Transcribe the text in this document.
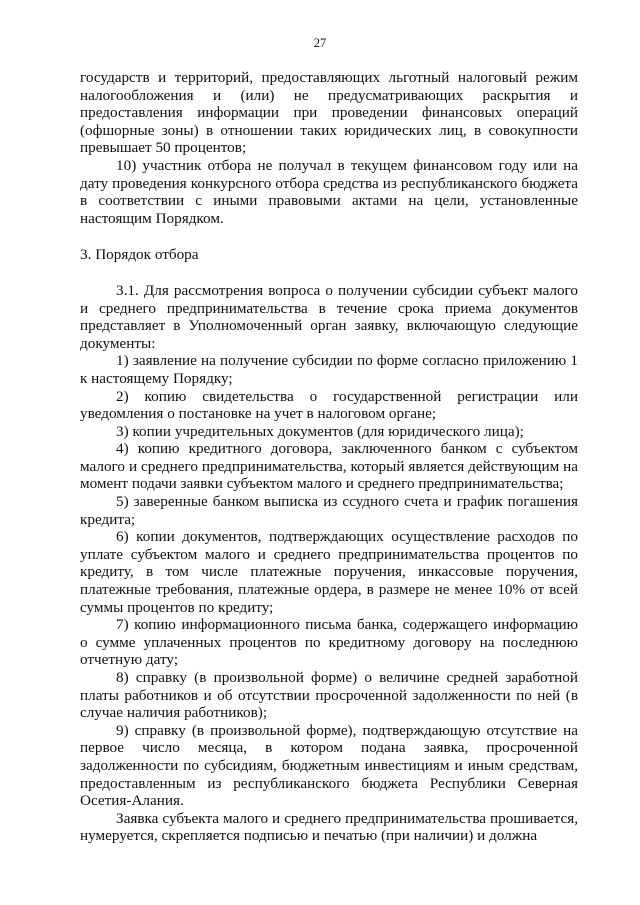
27

государств и территорий, предоставляющих льготный налоговый режим налогообложения и (или) не предусматривающих раскрытия и предоставления информации при проведении финансовых операций (офшорные зоны) в отношении таких юридических лиц, в совокупности превышает 50 процентов;

10) участник отбора не получал в текущем финансовом году или на дату проведения конкурсного отбора средства из республиканского бюджета в соответствии с иными правовыми актами на цели, установленные настоящим Порядком.

3. Порядок отбора

3.1. Для рассмотрения вопроса о получении субсидии субъект малого и среднего предпринимательства в течение срока приема документов представляет в Уполномоченный орган заявку, включающую следующие документы:

1) заявление на получение субсидии по форме согласно приложению 1 к настоящему Порядку;

2) копию свидетельства о государственной регистрации или уведомления о постановке на учет в налоговом органе;

3) копии учредительных документов (для юридического лица);

4) копию кредитного договора, заключенного банком с субъектом малого и среднего предпринимательства, который является действующим на момент подачи заявки субъектом малого и среднего предпринимательства;

5) заверенные банком выписка из ссудного счета и график погашения кредита;

6) копии документов, подтверждающих осуществление расходов по уплате субъектом малого и среднего предпринимательства процентов по кредиту, в том числе платежные поручения, инкассовые поручения, платежные требования, платежные ордера, в размере не менее 10% от всей суммы процентов по кредиту;

7) копию информационного письма банка, содержащего информацию о сумме уплаченных процентов по кредитному договору на последнюю отчетную дату;

8) справку (в произвольной форме) о величине средней заработной платы работников и об отсутствии просроченной задолженности по ней (в случае наличия работников);

9) справку (в произвольной форме), подтверждающую отсутствие на первое число месяца, в котором подана заявка, просроченной задолженности по субсидиям, бюджетным инвестициям и иным средствам, предоставленным из республиканского бюджета Республики Северная Осетия-Алания.

Заявка субъекта малого и среднего предпринимательства прошивается, нумеруется, скрепляется подписью и печатью (при наличии) и должна
